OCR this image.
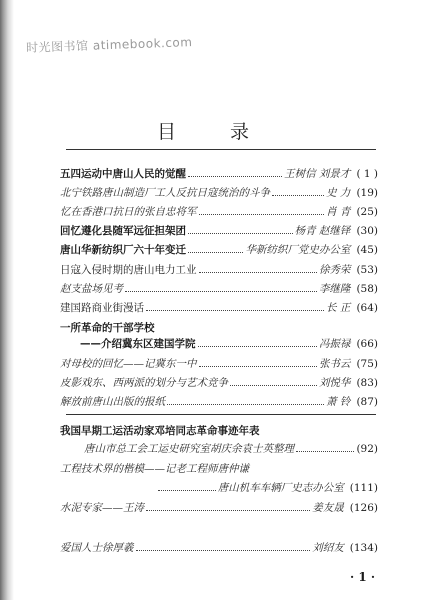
时光图书馆 atimebook.com
目 录
五四运动中唐山人民的觉醒	王树信 刘景才 ( 1 )
北宁铁路唐山制造厂工人反抗日寇统治的斗争	史 力 (19)
忆在香港口抗日的张自忠将军	肖 青 (25)
回忆遵化县随军远征担架团	杨青 赵继铎 (30)
唐山华新纺织厂六十年变迁	华新纺织厂党史办公室 (45)
日寇入侵时期的唐山电力工业	徐秀荣 (53)
赵支盐场见考	李继隆 (58)
建国路商业街漫话	长 正 (64)
一所革命的干部学校
——介绍冀东区建国学院	冯振禄 (66)
对母校的回忆——记冀东一中	张书云 (75)
皮影戏东、西两派的划分与艺术竞争	刘悦华 (83)
解放前唐山出版的报纸	萧 铃 (87)
我国早期工运活动家邓培同志革命事迹年表
唐山市总工会工运史研究室胡庆余袁士英整理	(92)
工程技术界的楷模——记老工程师唐仲谦
唐山机车车辆厂史志办公室 (111)
水泥专家——王涛	姜友晟 (126)
爱国人士徐厚羲	刘绍友 (134)
· 1 ·
